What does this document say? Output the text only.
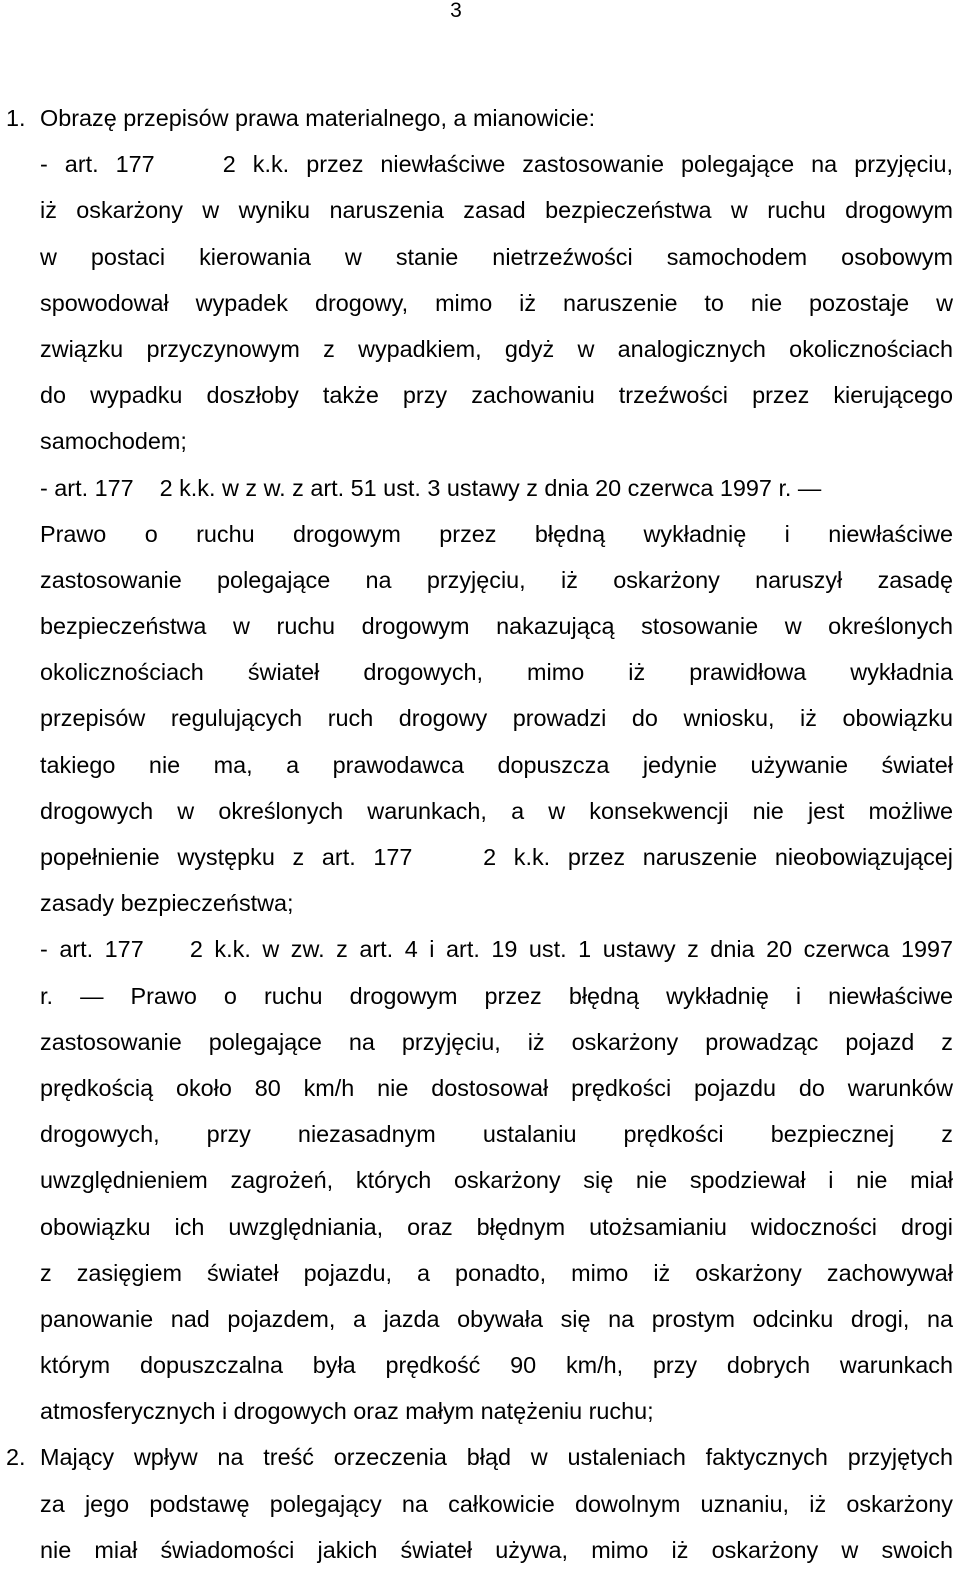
3
1. Obrazę przepisów prawa materialnego, a mianowicie:
- art. 177    2 k.k. przez niewłaściwe zastosowanie polegające na przyjęciu,
iż oskarżony w wyniku naruszenia zasad bezpieczeństwa w ruchu drogowym
w postaci kierowania w stanie nietrzeźwości samochodem osobowym
spowodował wypadek drogowy, mimo iż naruszenie to nie pozostaje w
związku przyczynowym z wypadkiem, gdyż w analogicznych okolicznościach
do wypadku doszłoby także przy zachowaniu trzeźwości przez kierującego
samochodem;
- art. 177    2 k.k. w z w. z art. 51 ust. 3 ustawy z dnia 20 czerwca 1997 r. —
Prawo o ruchu drogowym przez błędną wykładnię i niewłaściwe
zastosowanie polegające na przyjęciu, iż oskarżony naruszył zasadę
bezpieczeństwa w ruchu drogowym nakazującą stosowanie w określonych
okolicznościach świateł drogowych, mimo iż prawidłowa wykładnia
przepisów regulujących ruch drogowy prowadzi do wniosku, iż obowiązku
takiego nie ma, a prawodawca dopuszcza jedynie używanie świateł
drogowych w określonych warunkach, a w konsekwencji nie jest możliwe
popełnienie występku z art. 177    2 k.k. przez naruszenie nieobowiązującej
zasady bezpieczeństwa;
- art. 177    2 k.k. w zw. z art. 4 i art. 19 ust. 1 ustawy z dnia 20 czerwca 1997
r. — Prawo o ruchu drogowym przez błędną wykładnię i niewłaściwe
zastosowanie polegające na przyjęciu, iż oskarżony prowadząc pojazd z
prędkością około 80 km/h nie dostosował prędkości pojazdu do warunków
drogowych, przy niezasadnym ustalaniu prędkości bezpiecznej z
uwzględnieniem zagrożeń, których oskarżony się nie spodziewał i nie miał
obowiązku ich uwzględniania, oraz błędnym utożsamianiu widoczności drogi
z zasięgiem świateł pojazdu, a ponadto, mimo iż oskarżony zachowywał
panowanie nad pojazdem, a jazda obywała się na prostym odcinku drogi, na
którym dopuszczalna była prędkość 90 km/h, przy dobrych warunkach
atmosferycznych i drogowych oraz małym natężeniu ruchu;
2. Mający wpływ na treść orzeczenia błąd w ustaleniach faktycznych przyjętych
za jego podstawę polegający na całkowicie dowolnym uznaniu, iż oskarżony
nie miał świadomości jakich świateł używa, mimo iż oskarżony w swoich
